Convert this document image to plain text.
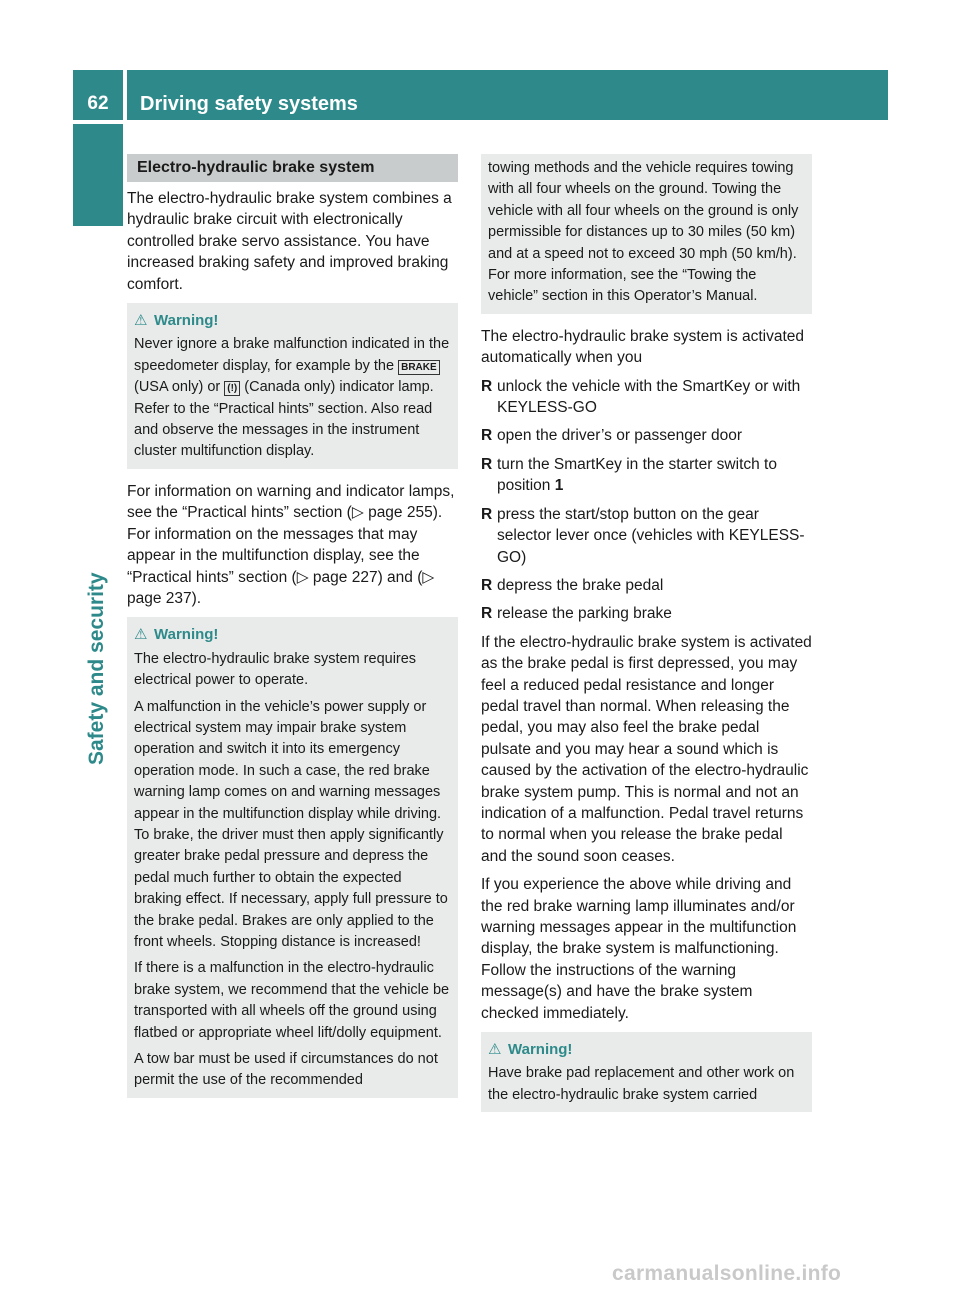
62	Driving safety systems
Safety and security
Electro-hydraulic brake system

The electro-hydraulic brake system combines a hydraulic brake circuit with electronically controlled brake servo assistance. You have increased braking safety and improved braking comfort.

⚠ Warning!

Never ignore a brake malfunction indicated in the speedometer display, for example by the BRAKE (USA only) or (!) (Canada only) indicator lamp. Refer to the “Practical hints” section. Also read and observe the messages in the instrument cluster multifunction display.

For information on warning and indicator lamps, see the “Practical hints” section (▷ page 255). For information on the messages that may appear in the multifunction display, see the “Practical hints” section (▷ page 227) and (▷ page 237).

⚠ Warning!

The electro-hydraulic brake system requires electrical power to operate.

A malfunction in the vehicle’s power supply or electrical system may impair brake system operation and switch it into its emergency operation mode. In such a case, the red brake warning lamp comes on and warning messages appear in the multifunction display while driving. To brake, the driver must then apply significantly greater brake pedal pressure and depress the pedal much further to obtain the expected braking effect. If necessary, apply full pressure to the brake pedal. Brakes are only applied to the front wheels. Stopping distance is increased!

If there is a malfunction in the electro-hydraulic brake system, we recommend that the vehicle be transported with all wheels off the ground using flatbed or appropriate wheel lift/dolly equipment.

A tow bar must be used if circumstances do not permit the use of the recommended

towing methods and the vehicle requires towing with all four wheels on the ground. Towing the vehicle with all four wheels on the ground is only permissible for distances up to 30 miles (50 km) and at a speed not to exceed 30 mph (50 km/h). For more information, see the “Towing the vehicle” section in this Operator’s Manual.

The electro-hydraulic brake system is activated automatically when you

R unlock the vehicle with the SmartKey or with KEYLESS-GO
R open the driver’s or passenger door
R turn the SmartKey in the starter switch to position 1
R press the start/stop button on the gear selector lever once (vehicles with KEYLESS-GO)
R depress the brake pedal
R release the parking brake

If the electro-hydraulic brake system is activated as the brake pedal is first depressed, you may feel a reduced pedal resistance and longer pedal travel than normal. When releasing the pedal, you may also feel the brake pedal pulsate and you may hear a sound which is caused by the activation of the electro-hydraulic brake system pump. This is normal and not an indication of a malfunction. Pedal travel returns to normal when you release the brake pedal and the sound soon ceases.

If you experience the above while driving and the red brake warning lamp illuminates and/or warning messages appear in the multifunction display, the brake system is malfunctioning. Follow the instructions of the warning message(s) and have the brake system checked immediately.

⚠ Warning!

Have brake pad replacement and other work on the electro-hydraulic brake system carried

carmanualsonline.info
